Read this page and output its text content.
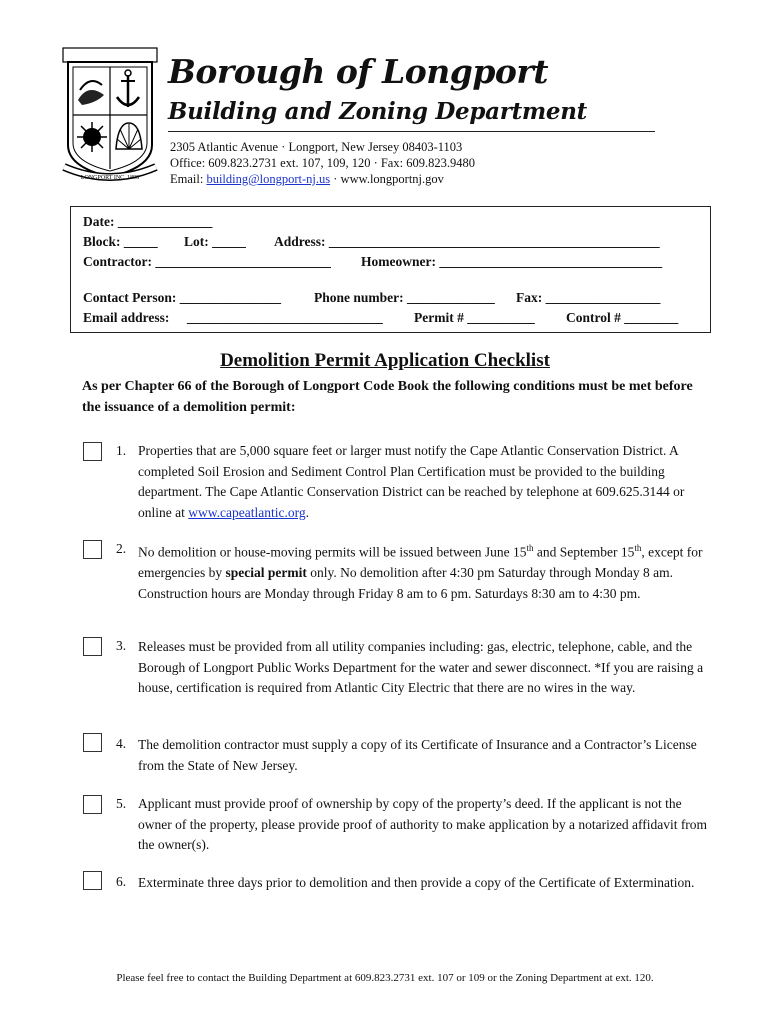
LONGPORT INC. 1898
Borough of Longport
Building and Zoning Department
2305 Atlantic Avenue · Longport, New Jersey 08403-1103
Office: 609.823.2731 ext. 107, 109, 120 · Fax: 609.823.9480
Email: building@longport-nj.us · www.longportnj.gov
Date: ______________
Block: _____ Lot: _____ Address: _________________________________________________
Contractor: __________________________ Homeowner: _________________________________
Contact Person: _______________ Phone number: _____________ Fax: _________________
Email address: _____________________________ Permit # __________ Control # ________
Demolition Permit Application Checklist
As per Chapter 66 of the Borough of Longport Code Book the following conditions must be met before the issuance of a demolition permit:
1. Properties that are 5,000 square feet or larger must notify the Cape Atlantic Conservation District. A completed Soil Erosion and Sediment Control Plan Certification must be provided to the building department. The Cape Atlantic Conservation District can be reached by telephone at 609.625.3144 or online at www.capeatlantic.org.
2. No demolition or house-moving permits will be issued between June 15th and September 15th, except for emergencies by special permit only. No demolition after 4:30 pm Saturday through Monday 8 am. Construction hours are Monday through Friday 8 am to 6 pm. Saturdays 8:30 am to 4:30 pm.
3. Releases must be provided from all utility companies including: gas, electric, telephone, cable, and the Borough of Longport Public Works Department for the water and sewer disconnect. *If you are raising a house, certification is required from Atlantic City Electric that there are no wires in the way.
4. The demolition contractor must supply a copy of its Certificate of Insurance and a Contractor’s License from the State of New Jersey.
5. Applicant must provide proof of ownership by copy of the property’s deed. If the applicant is not the owner of the property, please provide proof of authority to make application by a notarized affidavit from the owner(s).
6. Exterminate three days prior to demolition and then provide a copy of the Certificate of Extermination.
Please feel free to contact the Building Department at 609.823.2731 ext. 107 or 109 or the Zoning Department at ext. 120.
